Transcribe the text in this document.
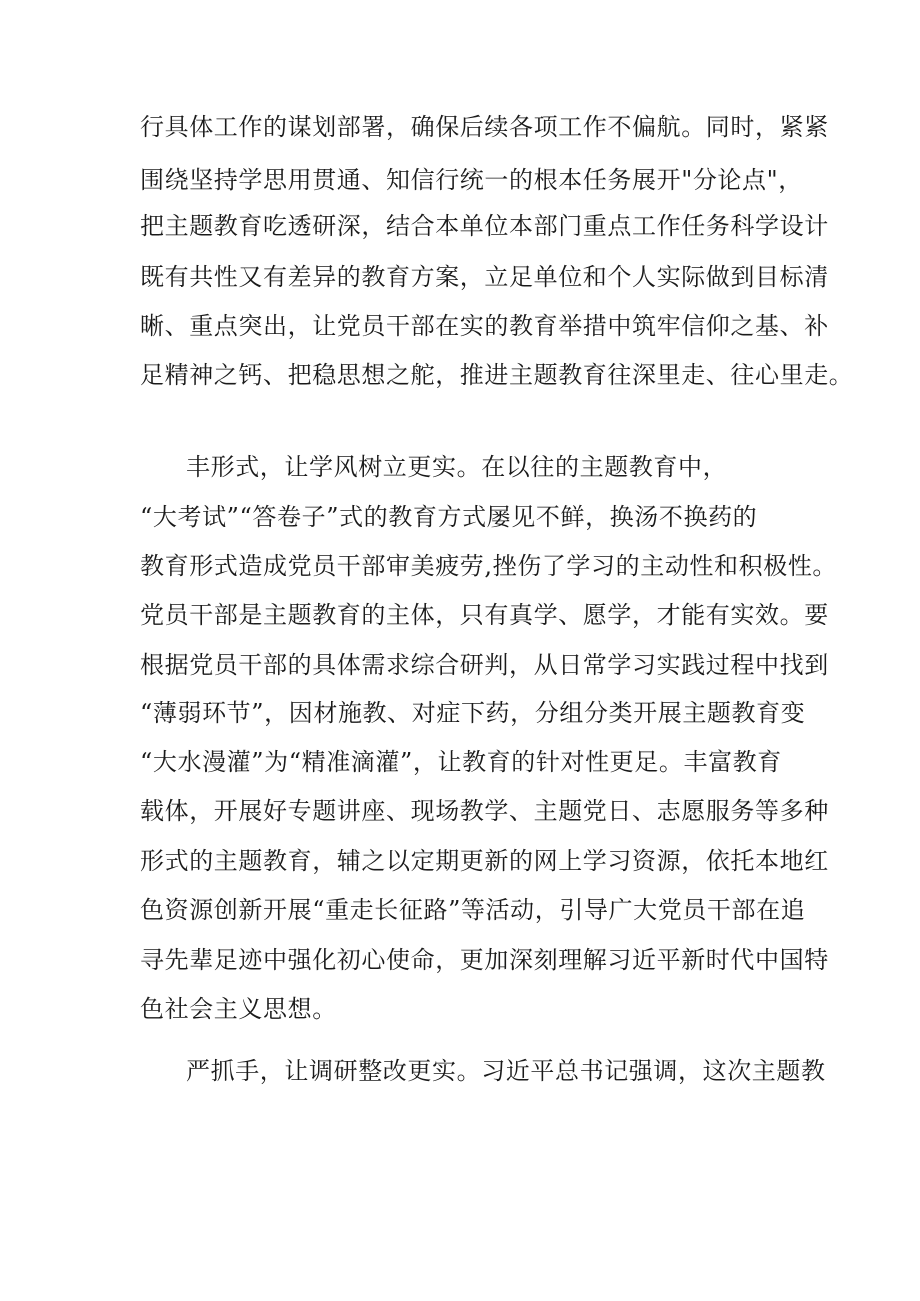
行具体工作的谋划部署，确保后续各项工作不偏航。同时，紧紧

围绕坚持学思用贯通、知信行统一的根本任务展开"分论点"，

把主题教育吃透研深，结合本单位本部门重点工作任务科学设计

既有共性又有差异的教育方案，立足单位和个人实际做到目标清

晰、重点突出，让党员干部在实的教育举措中筑牢信仰之基、补

足精神之钙、把稳思想之舵，推进主题教育往深里走、往心里走。

丰形式，让学风树立更实。在以往的主题教育中，

“大考试”“答卷子”式的教育方式屡见不鲜，换汤不换药的

教育形式造成党员干部审美疲劳,挫伤了学习的主动性和积极性。

党员干部是主题教育的主体，只有真学、愿学，才能有实效。要

根据党员干部的具体需求综合研判，从日常学习实践过程中找到

“薄弱环节”，因材施教、对症下药，分组分类开展主题教育变

“大水漫灌”为“精准滴灌”，让教育的针对性更足。丰富教育

载体，开展好专题讲座、现场教学、主题党日、志愿服务等多种

形式的主题教育，辅之以定期更新的网上学习资源，依托本地红

色资源创新开展“重走长征路”等活动，引导广大党员干部在追

寻先辈足迹中强化初心使命，更加深刻理解习近平新时代中国特

色社会主义思想。

严抓手，让调研整改更实。习近平总书记强调，这次主题教
